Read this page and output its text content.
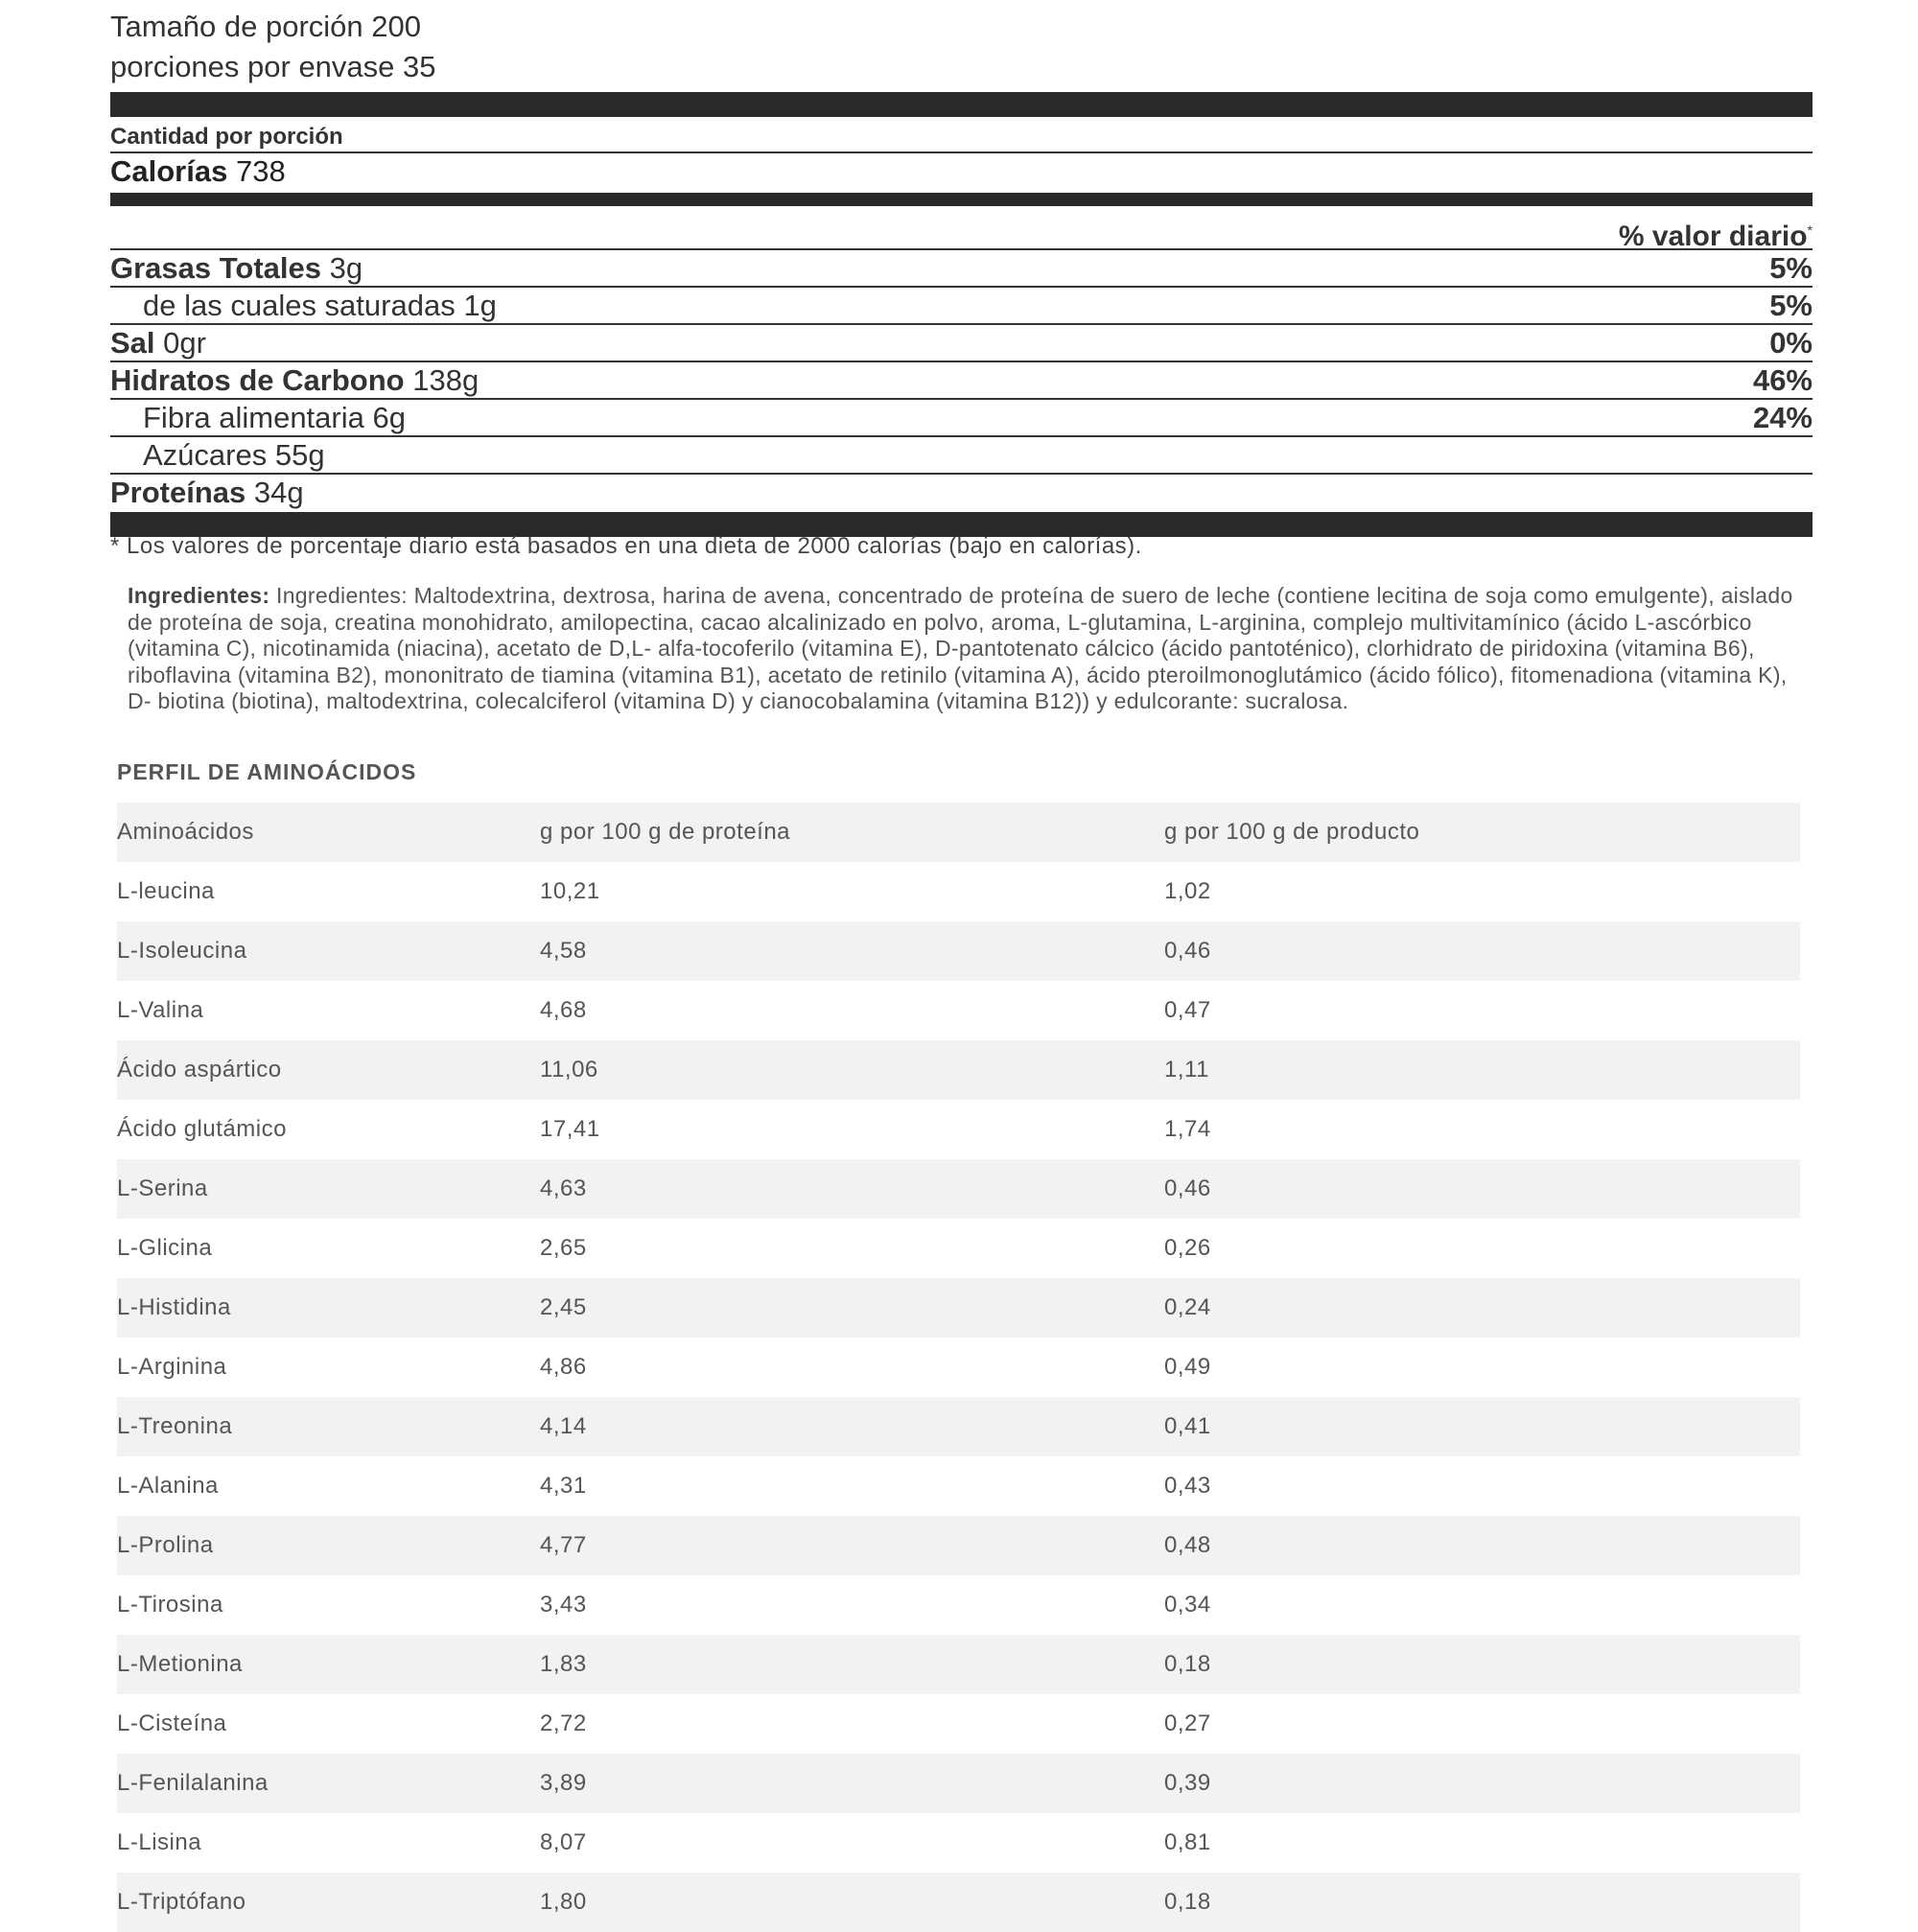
Tamaño de porción 200
porciones por envase 35
Cantidad por porción
Calorías 738
% valor diario*
Grasas Totales 3g	5%
de las cuales saturadas 1g	5%
Sal 0gr	0%
Hidratos de Carbono 138g	46%
Fibra alimentaria 6g	24%
Azúcares 55g
Proteínas 34g
* Los valores de porcentaje diario está basados en una dieta de 2000 calorías (bajo en calorías).
Ingredientes: Ingredientes: Maltodextrina, dextrosa, harina de avena, concentrado de proteína de suero de leche (contiene lecitina de soja como emulgente), aislado de proteína de soja, creatina monohidrato, amilopectina, cacao alcalinizado en polvo, aroma, L-glutamina, L-arginina, complejo multivitamínico (ácido L-ascórbico (vitamina C), nicotinamida (niacina), acetato de D,L- alfa-tocoferilo (vitamina E), D-pantotenato cálcico (ácido pantoténico), clorhidrato de piridoxina (vitamina B6), riboflavina (vitamina B2), mononitrato de tiamina (vitamina B1), acetato de retinilo (vitamina A), ácido pteroilmonoglutámico (ácido fólico), fitomenadiona (vitamina K), D- biotina (biotina), maltodextrina, colecalciferol (vitamina D) y cianocobalamina (vitamina B12)) y edulcorante: sucralosa.
PERFIL DE AMINOÁCIDOS
Aminoácidos	g por 100 g de proteína	g por 100 g de producto
L-leucina	10,21	1,02
L-Isoleucina	4,58	0,46
L-Valina	4,68	0,47
Ácido aspártico	11,06	1,11
Ácido glutámico	17,41	1,74
L-Serina	4,63	0,46
L-Glicina	2,65	0,26
L-Histidina	2,45	0,24
L-Arginina	4,86	0,49
L-Treonina	4,14	0,41
L-Alanina	4,31	0,43
L-Prolina	4,77	0,48
L-Tirosina	3,43	0,34
L-Metionina	1,83	0,18
L-Cisteína	2,72	0,27
L-Fenilalanina	3,89	0,39
L-Lisina	8,07	0,81
L-Triptófano	1,80	0,18
